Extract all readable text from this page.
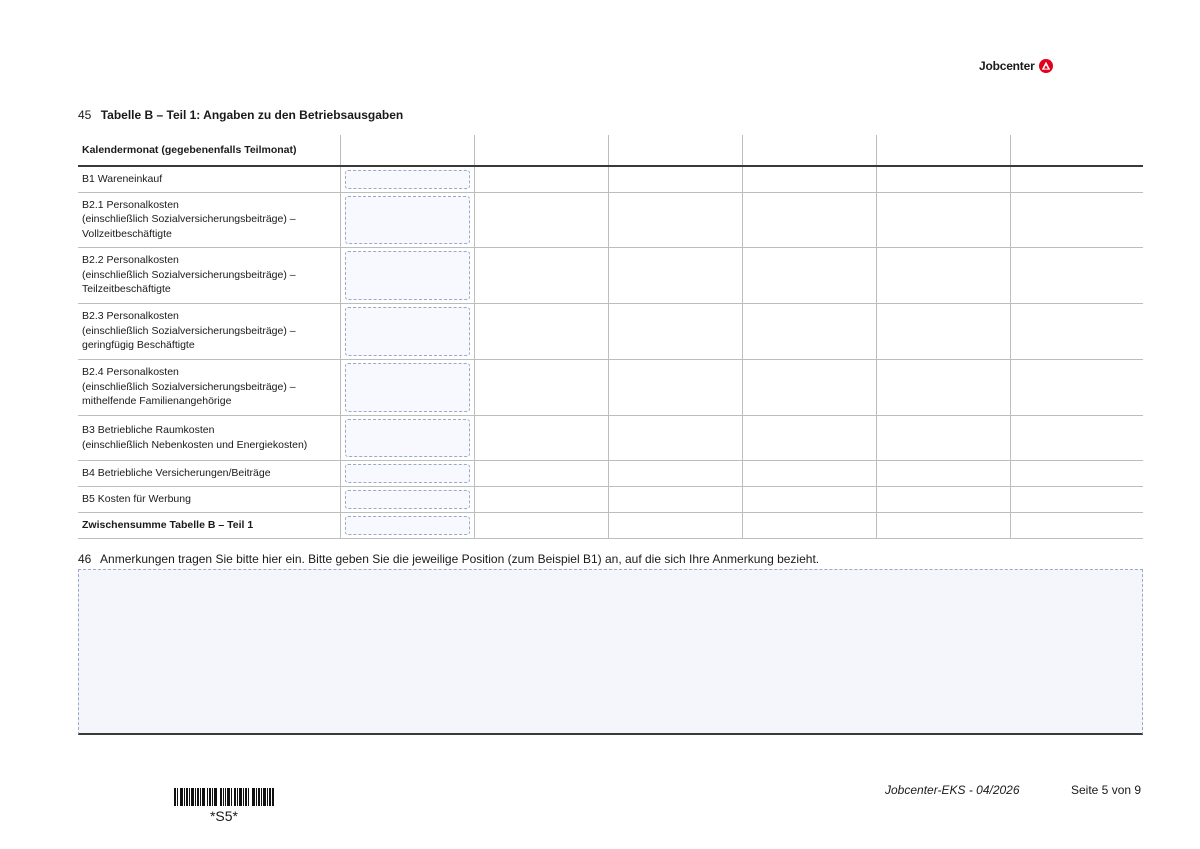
Jobcenter
45 Tabelle B – Teil 1: Angaben zu den Betriebsausgaben
Kalendermonat (gegebenenfalls Teilmonat)						
B1 Wareneinkauf	

B2.1 Personalkosten
(einschließlich Sozialversicherungsbeiträge) –
Vollzeitbeschäftigte	

B2.2 Personalkosten
(einschließlich Sozialversicherungsbeiträge) –
Teilzeitbeschäftigte	

B2.3 Personalkosten
(einschließlich Sozialversicherungsbeiträge) –
geringfügig Beschäftigte	

B2.4 Personalkosten
(einschließlich Sozialversicherungsbeiträge) –
mithelfende Familienangehörige	

B3 Betriebliche Raumkosten
(einschließlich Nebenkosten und Energiekosten)	

B4 Betriebliche Versicherungen/Beiträge	

B5 Kosten für Werbung	

Zwischensumme Tabelle B – Teil 1	

46 Anmerkungen tragen Sie bitte hier ein. Bitte geben Sie die jeweilige Position (zum Beispiel B1) an, auf die sich Ihre Anmerkung bezieht.
*S5*
Jobcenter-EKS - 04/2026	Seite 5 von 9
